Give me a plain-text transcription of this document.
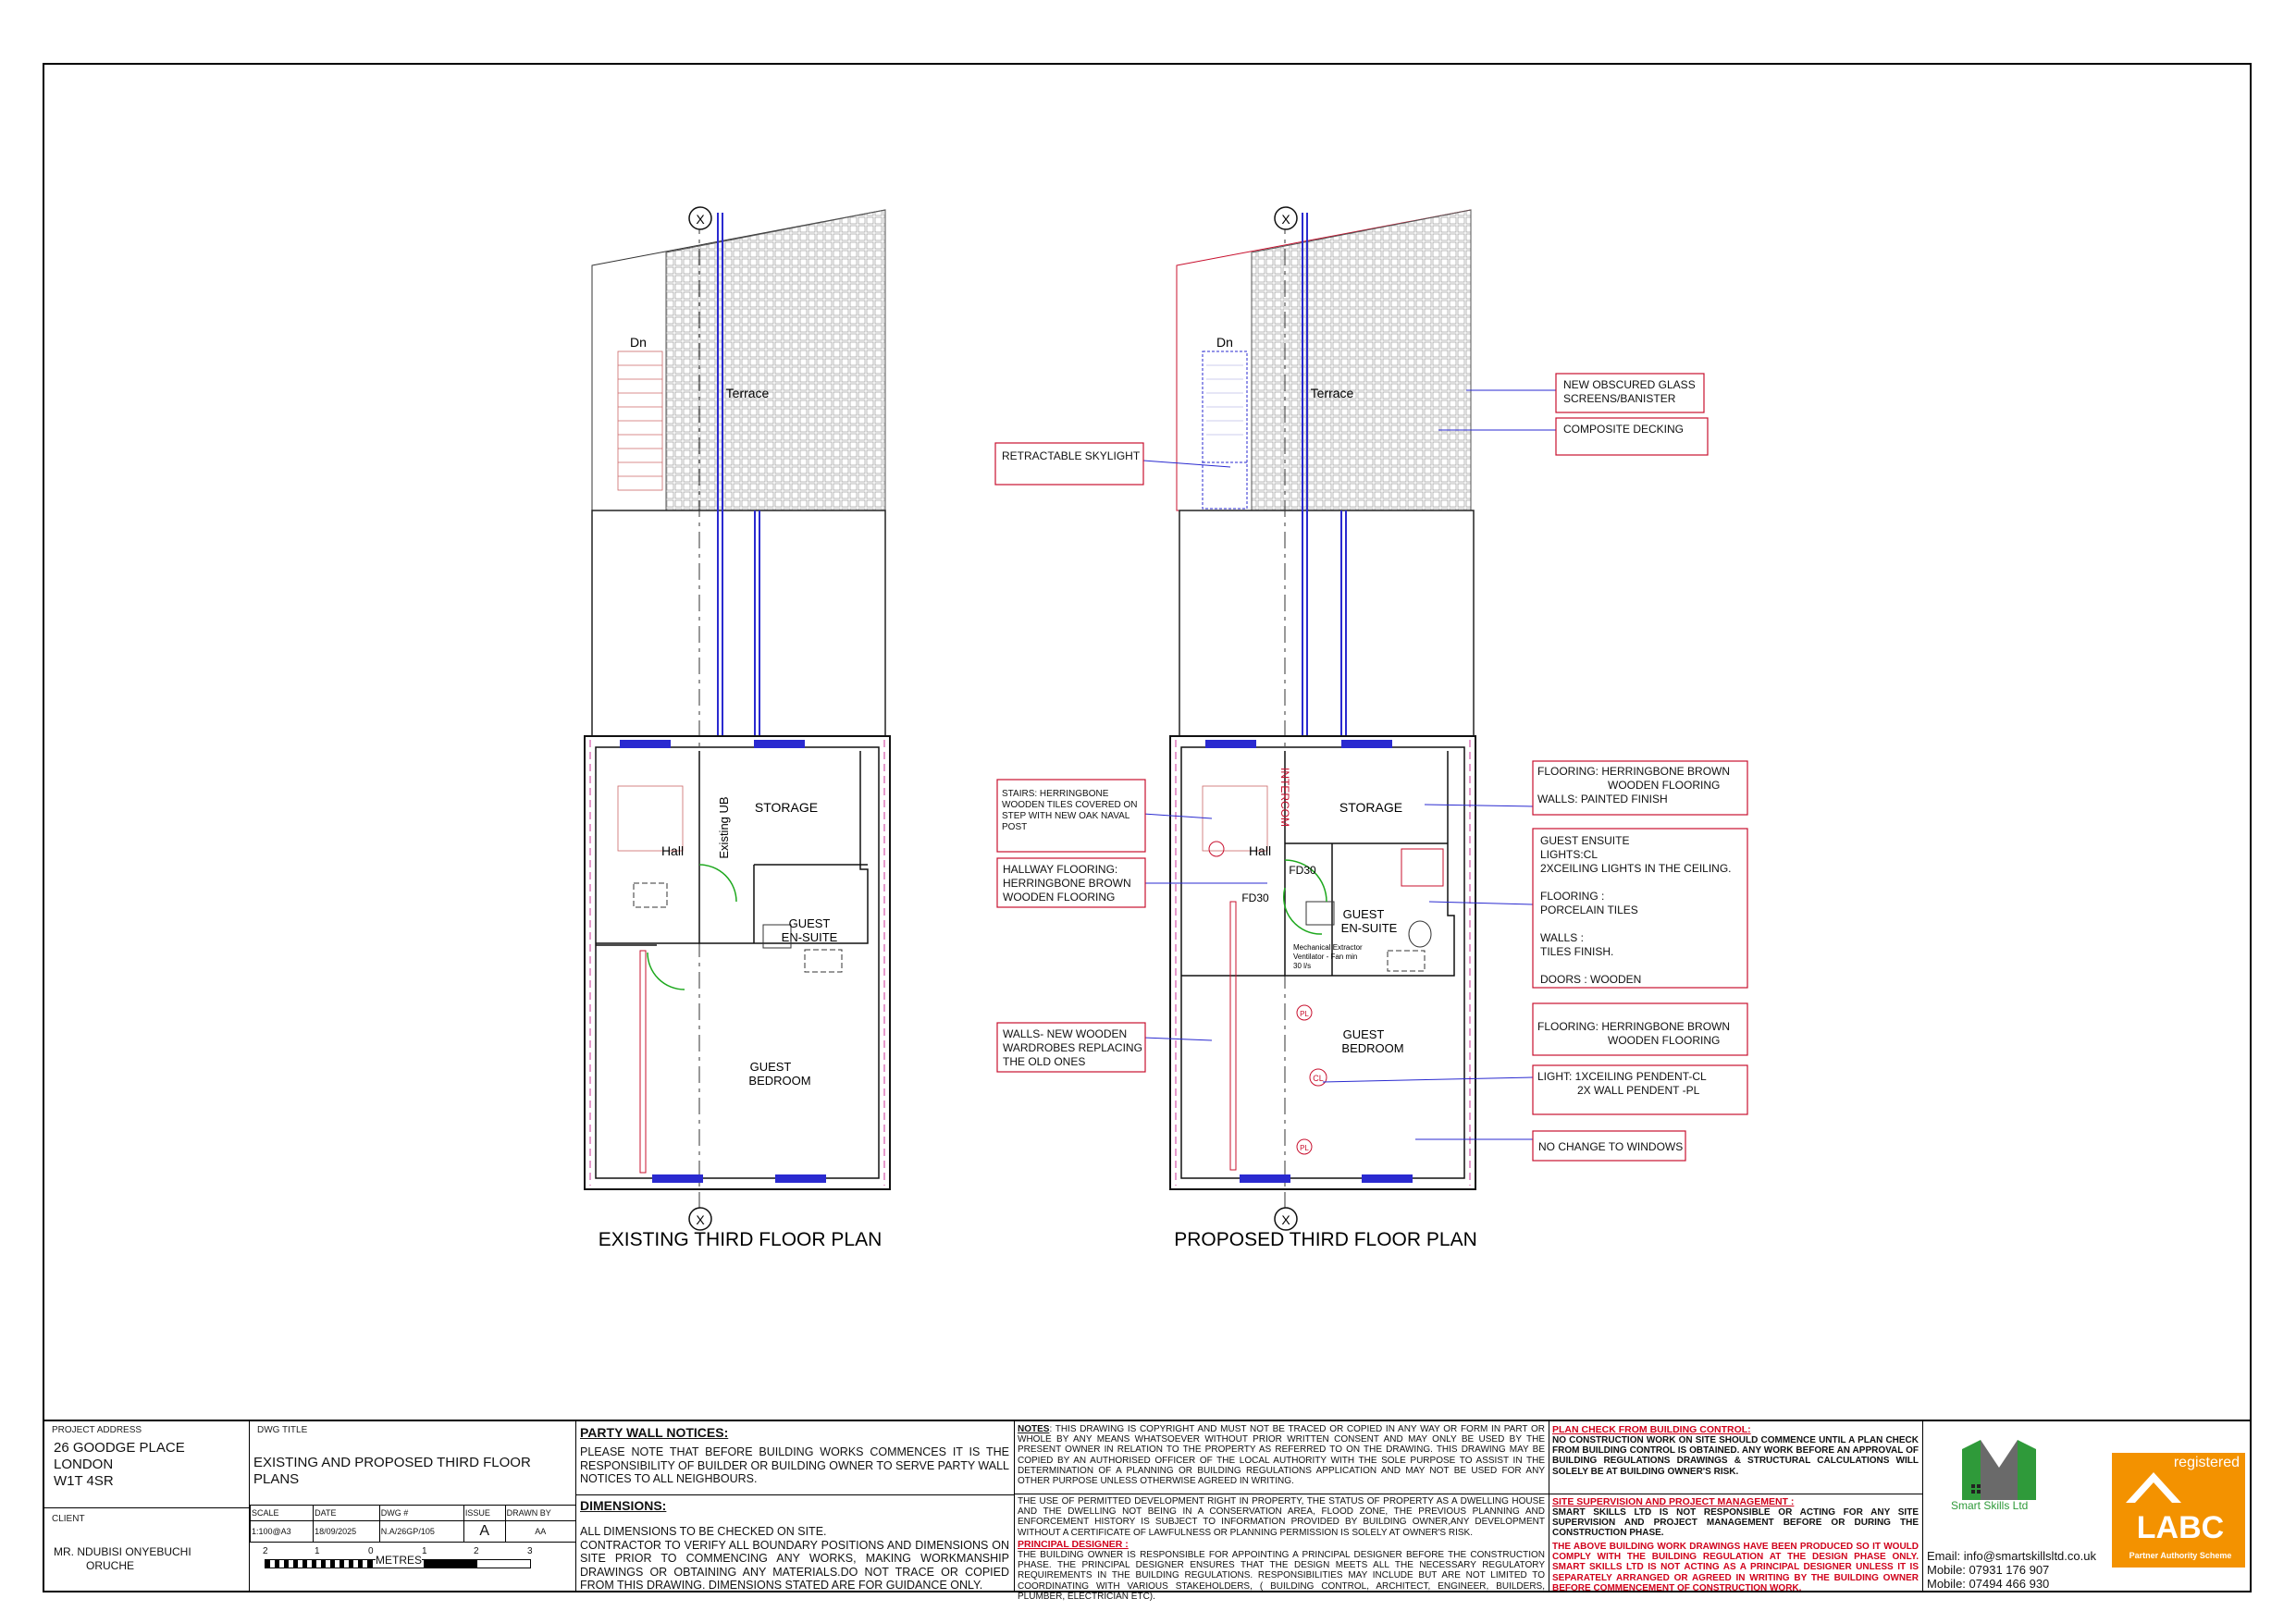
Dn
Terrace
STORAGE
Hall	Existing UB
GUEST
EN-SUITE
GUEST
BEDROOM
X
X
EXISTING THIRD FLOOR PLAN
Dn
Terrace
STORAGE
Hall
INTERCOM
FD30
FD30
GUEST
EN-SUITE
Mechanical Extractor
Ventilator - Fan min
30 l/s
GUEST
BEDROOM
CL
PL
PL
X
X
PROPOSED THIRD FLOOR PLAN
RETRACTABLE SKYLIGHT
NEW OBSCURED GLASS
SCREENS/BANISTER
COMPOSITE DECKING
STAIRS: HERRINGBONE
WOODEN TILES COVERED ON
STEP WITH NEW OAK NAVAL
POST
HALLWAY FLOORING:
HERRINGBONE BROWN
WOODEN FLOORING
WALLS- NEW WOODEN
WARDROBES REPLACING
THE OLD ONES
FLOORING: HERRINGBONE BROWN
WOODEN FLOORING
WALLS: PAINTED FINISH
GUEST ENSUITE
LIGHTS:CL
2XCEILING LIGHTS IN THE CEILING.
FLOORING :
PORCELAIN TILES
WALLS :
TILES FINISH.
DOORS : WOODEN
FLOORING: HERRINGBONE BROWN
WOODEN FLOORING
LIGHT: 1XCEILING PENDENT-CL
2X WALL PENDENT -PL
NO CHANGE TO WINDOWS
PROJECT ADDRESS
26 GOODGE PLACE
LONDON
W1T 4SR
CLIENT
MR. NDUBISI ONYEBUCHI
ORUCHE
DWG TITLE
EXISTING AND PROPOSED THIRD FLOOR
PLANS
SCALE	DATE	DWG #	ISSUE	DRAWN BY
1:100@A3	18/09/2025	N.A/26GP/105	A	AA
2	1	0	1	2	3
METRES
PARTY WALL NOTICES:
PLEASE NOTE THAT BEFORE BUILDING WORKS COMMENCES IT IS THE RESPONSIBILITY OF BUILDER OR BUILDING OWNER TO SERVE PARTY WALL NOTICES TO ALL NEIGHBOURS.
DIMENSIONS:
ALL DIMENSIONS TO BE CHECKED ON SITE.
CONTRACTOR TO VERIFY ALL BOUNDARY POSITIONS AND DIMENSIONS ON SITE PRIOR TO COMMENCING ANY WORKS, MAKING WORKMANSHIP DRAWINGS OR OBTAINING ANY MATERIALS.DO NOT TRACE OR COPIED FROM THIS DRAWING. DIMENSIONS STATED ARE FOR GUIDANCE ONLY.
NOTES: THIS DRAWING IS COPYRIGHT AND MUST NOT BE TRACED OR COPIED IN ANY WAY OR FORM IN PART OR WHOLE BY ANY MEANS WHATSOEVER WITHOUT PRIOR WRITTEN CONSENT AND MAY ONLY BE USED BY THE PRESENT OWNER IN RELATION TO THE PROPERTY AS REFERRED TO ON THE DRAWING. THIS DRAWING MAY BE COPIED BY AN AUTHORISED OFFICER OF THE LOCAL AUTHORITY WITH THE SOLE PURPOSE TO ASSIST IN THE DETERMINATION OF A PLANNING OR BUILDING REGULATIONS APPLICATION AND MAY NOT BE USED FOR ANY OTHER PURPOSE UNLESS OTHERWISE AGREED IN WRITING.
THE USE OF PERMITTED DEVELOPMENT RIGHT IN PROPERTY, THE STATUS OF PROPERTY AS A DWELLING HOUSE AND THE DWELLING NOT BEING IN A CONSERVATION AREA, FLOOD ZONE, THE PREVIOUS PLANNING AND ENFORCEMENT HISTORY IS SUBJECT TO INFORMATION PROVIDED BY BUILDING OWNER,ANY DEVELOPMENT WITHOUT A CERTIFICATE OF LAWFULNESS OR PLANNING PERMISSION IS SOLELY AT OWNER'S RISK.
PRINCIPAL DESIGNER :
THE BUILDING OWNER IS RESPONSIBLE FOR APPOINTING A PRINCIPAL DESIGNER BEFORE THE CONSTRUCTION PHASE. THE PRINCIPAL DESIGNER ENSURES THAT THE DESIGN MEETS ALL THE NECESSARY REGULATORY REQUIREMENTS IN THE BUILDING REGULATIONS. RESPONSIBILITIES MAY INCLUDE BUT ARE NOT LIMITED TO COORDINATING WITH VARIOUS STAKEHOLDERS, ( BUILDING CONTROL, ARCHITECT, ENGINEER, BUILDERS, PLUMBER, ELECTRICIAN ETC).
PLAN CHECK FROM BUILDING CONTROL:
NO CONSTRUCTION WORK ON SITE SHOULD COMMENCE UNTIL A PLAN CHECK FROM BUILDING CONTROL IS OBTAINED. ANY WORK BEFORE AN APPROVAL OF BUILDING REGULATIONS DRAWINGS & STRUCTURAL CALCULATIONS WILL SOLELY BE AT BUILDING OWNER'S RISK.
SITE SUPERVISION AND PROJECT MANAGEMENT :
SMART SKILLS LTD IS NOT RESPONSIBLE OR ACTING FOR ANY SITE SUPERVISION AND PROJECT MANAGEMENT BEFORE OR DURING THE CONSTRUCTION PHASE.
THE ABOVE BUILDING WORK DRAWINGS HAVE BEEN PRODUCED SO IT WOULD COMPLY WITH THE BUILDING REGULATION AT THE DESIGN PHASE ONLY. SMART SKILLS LTD IS NOT ACTING AS A PRINCIPAL DESIGNER UNLESS IT IS SEPARATELY ARRANGED OR AGREED IN WRITING BY THE BUILDING OWNER BEFORE COMMENCEMENT OF CONSTRUCTION WORK.
Smart Skills Ltd
Email: info@smartskillsltd.co.uk
Mobile: 07931 176 907
Mobile: 07494 466 930
registered
LABC
Partner Authority Scheme
